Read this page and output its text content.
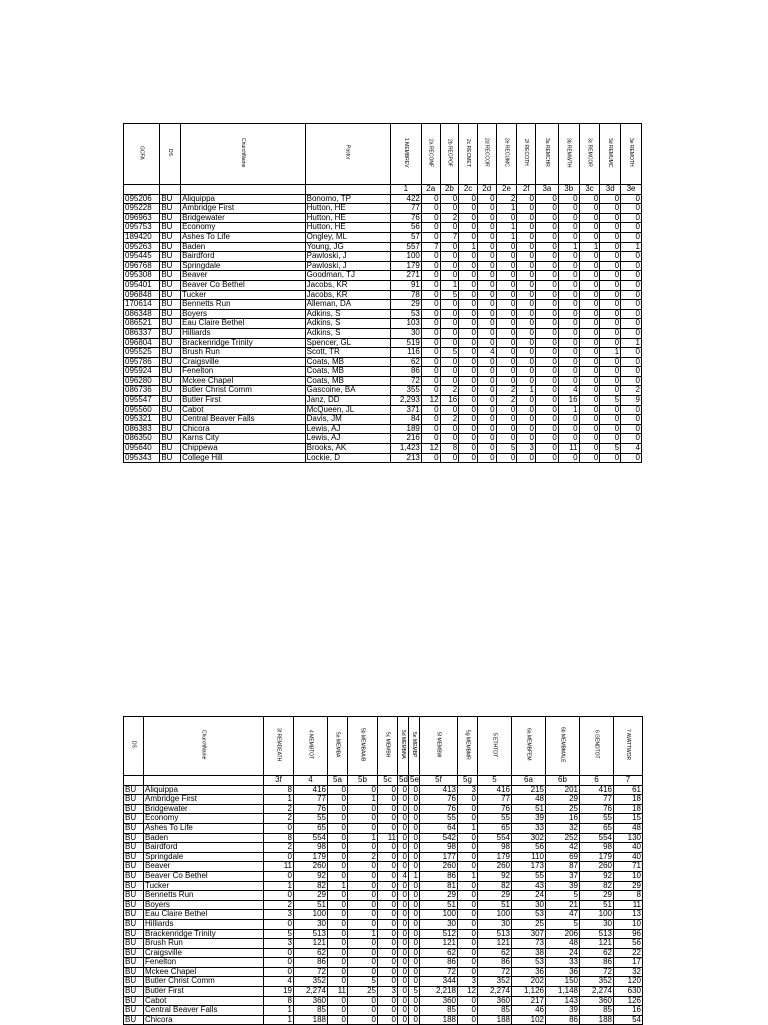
GCFA	DS	ChurchName	Pastor	1 MEMBREV	2a RECONF	2b RECPOF	2c RECMET	2d RECCOR	2e RECUMC	2f RECOTH	3a REMCHR	3b REMWTH	3c REMCOR	3d REMUMC	3e REMOTH
				1	2a	2b	2c	2d	2e	2f	3a	3b	3c	3d	3e
095206	BU	Aliquippa	Bonomo, TP	422	0	0	0	0	2	0	0	0	0	0	0
095228	BU	Ambridge First	Hutton, HE	77	0	0	0	0	1	0	0	0	0	0	0
096963	BU	Bridgewater	Hutton, HE	76	0	2	0	0	0	0	0	0	0	0	0
095753	BU	Economy	Hutton, HE	56	0	0	0	0	1	0	0	0	0	0	0
189420	BU	Ashes To Life	Ongley, ML	57	0	7	0	0	1	0	0	0	0	0	0
095263	BU	Baden	Young, JG	557	7	0	1	0	0	0	0	1	1	0	1
095445	BU	Bairdford	Pawloski, J	100	0	0	0	0	0	0	0	0	0	0	0
096768	BU	Springdale	Pawloski, J	179	0	0	0	0	0	0	0	0	0	0	0
095308	BU	Beaver	Goodman, TJ	271	0	0	0	0	0	0	0	0	0	0	0
095401	BU	Beaver Co Bethel	Jacobs, KR	91	0	1	0	0	0	0	0	0	0	0	0
096848	BU	Tucker	Jacobs, KR	78	0	5	0	0	0	0	0	0	0	0	0
170614	BU	Bennetts Run	Alleman, DA	29	0	0	0	0	0	0	0	0	0	0	0
086348	BU	Boyers	Adkins, S	53	0	0	0	0	0	0	0	0	0	0	0
086521	BU	Eau Claire Bethel	Adkins, S	103	0	0	0	0	0	0	0	0	0	0	0
086337	BU	Hilliards	Adkins, S	30	0	0	0	0	0	0	0	0	0	0	0
096804	BU	Brackenridge Trinity	Spencer, GL	519	0	0	0	0	0	0	0	0	0	0	1
095525	BU	Brush Run	Scott, TR	116	0	5	0	4	0	0	0	0	0	1	0
095786	BU	Craigsville	Coats, MB	62	0	0	0	0	0	0	0	0	0	0	0
095924	BU	Fenelton	Coats, MB	86	0	0	0	0	0	0	0	0	0	0	0
096280	BU	Mckee Chapel	Coats, MB	72	0	0	0	0	0	0	0	0	0	0	0
086736	BU	Butler Christ Comm	Gascoine, BA	355	0	2	0	0	2	1	0	4	0	0	2
095547	BU	Butler First	Janz, DD	2,293	12	16	0	0	2	0	0	16	0	5	9
095560	BU	Cabot	McQueen, JL	371	0	0	0	0	0	0	0	1	0	0	0
095321	BU	Central Beaver Falls	Davis, JM	84	0	2	0	0	0	0	0	0	0	0	0
086383	BU	Chicora	Lewis, AJ	189	0	0	0	0	0	0	0	0	0	0	0
086350	BU	Karns City	Lewis, AJ	216	0	0	0	0	0	0	0	0	0	0	0
095640	BU	Chippewa	Brooks, AK	1,423	12	8	0	0	5	3	0	11	0	5	4
095343	BU	College Hill	Lockie, D	213	0	0	0	0	0	0	0	0	0	0	0
DS	ChurchName	3f REMDEATH	4 MEMBTOT	5a MEMBA	5b MEMBAA/B	5c MEMBH	5d MEMBNA	5e MEMBP	5f MEMBW	5g MEMBMR	5 ETHTOT	6a MEMBFEM	6b MEMBMALE	6 GENDTOT	7 AVATTWOR
		3f	4	5a	5b	5c	5d	5e	5f	5g	5	6a	6b	6	7
BU	Aliquippa	8	416	0	0	0	0	0	413	3	416	215	201	416	61
BU	Ambridge First	1	77	0	1	0	0	0	76	0	77	48	29	77	18
BU	Bridgewater	2	76	0	0	0	0	0	76	0	76	51	25	76	18
BU	Economy	2	55	0	0	0	0	0	55	0	55	39	16	55	15
BU	Ashes To Life	0	65	0	0	0	0	0	64	1	65	33	32	65	48
BU	Baden	8	554	0	1	11	0	0	542	0	554	302	252	554	130
BU	Bairdford	2	98	0	0	0	0	0	98	0	98	56	42	98	40
BU	Springdale	0	179	0	2	0	0	0	177	0	179	110	69	179	40
BU	Beaver	11	260	0	0	0	0	0	260	0	260	173	87	260	71
BU	Beaver Co Bethel	0	92	0	0	0	4	1	86	1	92	55	37	92	10
BU	Tucker	1	82	1	0	0	0	0	81	0	82	43	39	82	29
BU	Bennetts Run	0	29	0	0	0	0	0	29	0	29	24	5	29	8
BU	Boyers	2	51	0	0	0	0	0	51	0	51	30	21	51	11
BU	Eau Claire Bethel	3	100	0	0	0	0	0	100	0	100	53	47	100	13
BU	Hilliards	0	30	0	0	0	0	0	30	0	30	25	5	30	10
BU	Brackenridge Trinity	5	513	0	1	0	0	0	512	0	513	307	206	513	96
BU	Brush Run	3	121	0	0	0	0	0	121	0	121	73	48	121	56
BU	Craigsville	0	62	0	0	0	0	0	62	0	62	38	24	62	22
BU	Fenelton	0	86	0	0	0	0	0	86	0	86	53	33	86	17
BU	Mckee Chapel	0	72	0	0	0	0	0	72	0	72	36	36	72	32
BU	Butler Christ Comm	4	352	0	5	0	0	0	344	3	352	202	150	352	120
BU	Butler First	19	2,274	11	25	3	0	5	2,218	12	2,274	1,126	1,148	2,274	630
BU	Cabot	8	360	0	0	0	0	0	360	0	360	217	143	360	126
BU	Central Beaver Falls	1	85	0	0	0	0	0	85	0	85	46	39	85	16
BU	Chicora	1	188	0	0	0	0	0	188	0	188	102	86	188	54
